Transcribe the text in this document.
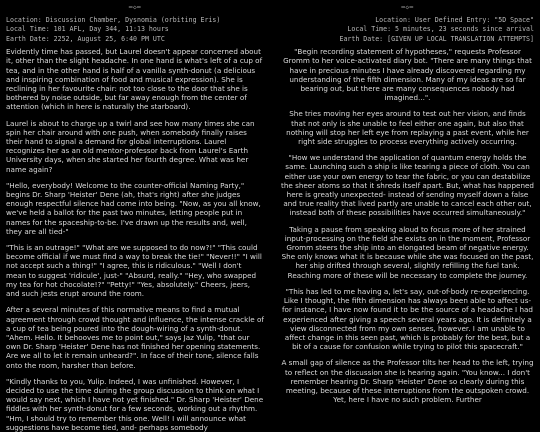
═◇═
Location: Discussion Chamber, Dysnomia (orbiting Eris)
Local Time: 101 AFL, Day 344, 11:13 hours
Earth Date: 2252, August 25, 6:40 PM UTC

Evidently time has passed, but Laurel doesn't appear concerned about it, other than the slight headache. In one hand is what's left of a cup of tea, and in the other hand is half of a vanilla synth-donut (a delicious and inspiring combination of food and musical expression). She is reclining in her favourite chair: not too close to the door that she is bothered by noise outside, but far away enough from the center of attention (which in here is naturally the starboard).

Laurel is about to charge up a twirl and see how many times she can spin her chair around with one push, when somebody finally raises their hand to signal a demand for global interruptions. Laurel recognizes her as an old mentor-professor back from Laurel's Earth University days, when she started her fourth degree. What was her name again?

"Hello, everybody! Welcome to the counter-official Naming Party," begins Dr. Sharp 'Heister' Dene (ah, that's right) after she judges enough respectful silence had come into being. "Now, as you all know, we've held a ballot for the past two minutes, letting people put in names for the spaceship-to-be. I've drawn up the results and, well, they are all tied-"

"This is an outrage!" "What are we supposed to do now?!" "This could become official if we must find a way to break the tie!" "Never!!" "I will not accept such a thing!" "I agree, this is ridiculous." "Well I don't mean to suggest 'ridicule', just-" "Absurd, really." "Hey, who swapped my tea for hot chocolate!?" "Petty!" "Yes, absolutely." Cheers, jeers, and such jests erupt around the room.

After a several minutes of this normative means to find a mutual agreement through crowd thought and influence, the intense crackle of a cup of tea being poured into the dough-wiring of a synth-donut. "Ahem. Hello. It behooves me to point out," says Jaz Yulip, "that our own Dr. Sharp 'Heister' Dene has not finished her opening statements. Are we all to let it remain unheard?". In face of their tone, silence falls onto the room, harsher than before.

"Kindly thanks to you, Yulip. Indeed, I was unfinished. However, I decided to use the time during the group discussion to think on what I would say next, which I have not yet finished." Dr. Sharp 'Heister' Dene fiddles with her synth-donut for a few seconds, working out a rhythm. "Hm, I should try to remember this one. Well! I will announce what suggestions have become tied, and- perhaps somebody

═◇═
Location: User Defined Entry: "5D Space"
Local Time: 5 minutes, 23 seconds since arrival
Earth Date: [GIVEN UP LOCAL TRANSLATION ATTEMPTS]

"Begin recording statement of hypotheses," requests Professor Gromm to her voice-activated diary bot. "There are many things that have in precious minutes I have already discovered regarding my understanding of the fifth dimension. Many of my ideas are so far bearing out, but there are many consequences nobody had imagined...".

She tries moving her eyes around to test out her vision, and finds that not only is she unable to feel either one again, but also that nothing will stop her left eye from replaying a past event, while her right side struggles to process everything actively occurring.

"How we understand the application of quantum energy holds the same. Launching such a ship is like tearing a piece of cloth. You can either use your own energy to tear the fabric, or you can destabilize the sheer atoms so that it shreds itself apart. But, what has happened here is greatly unexpected- instead of sending myself down a false and true reality that lived partly are unable to cancel each other out, instead both of these possibilities have occurred simultaneously."

Taking a pause from speaking aloud to focus more of her strained input-processing on the field she exists on in the moment, Professor Gromm steers the ship into an elongated beam of negative energy. She only knows what it is because while she was focused on the past, her ship drifted through several, slightly refilling the fuel tank. Reaching more of these will be necessary to complete the journey.

"This has led to me having a, let's say, out-of-body re-experiencing. Like I thought, the fifth dimension has always been able to affect us- for instance, I have now found it to be the source of a headache I had experienced after giving a speech several years ago. It is definitely a view disconnected from my own senses, however. I am unable to affect change in this seen past, which is probably for the best, but a bit of a cause for confusion while trying to pilot this spacecraft."

A small gap of silence as the Professor tilts her head to the left, trying to reflect on the discussion she is hearing again. "You know... I don't remember hearing Dr. Sharp 'Heister' Dene so clearly during this meeting, because of these interruptions from the outspoken crowd. Yet, here I have no such problem. Further
